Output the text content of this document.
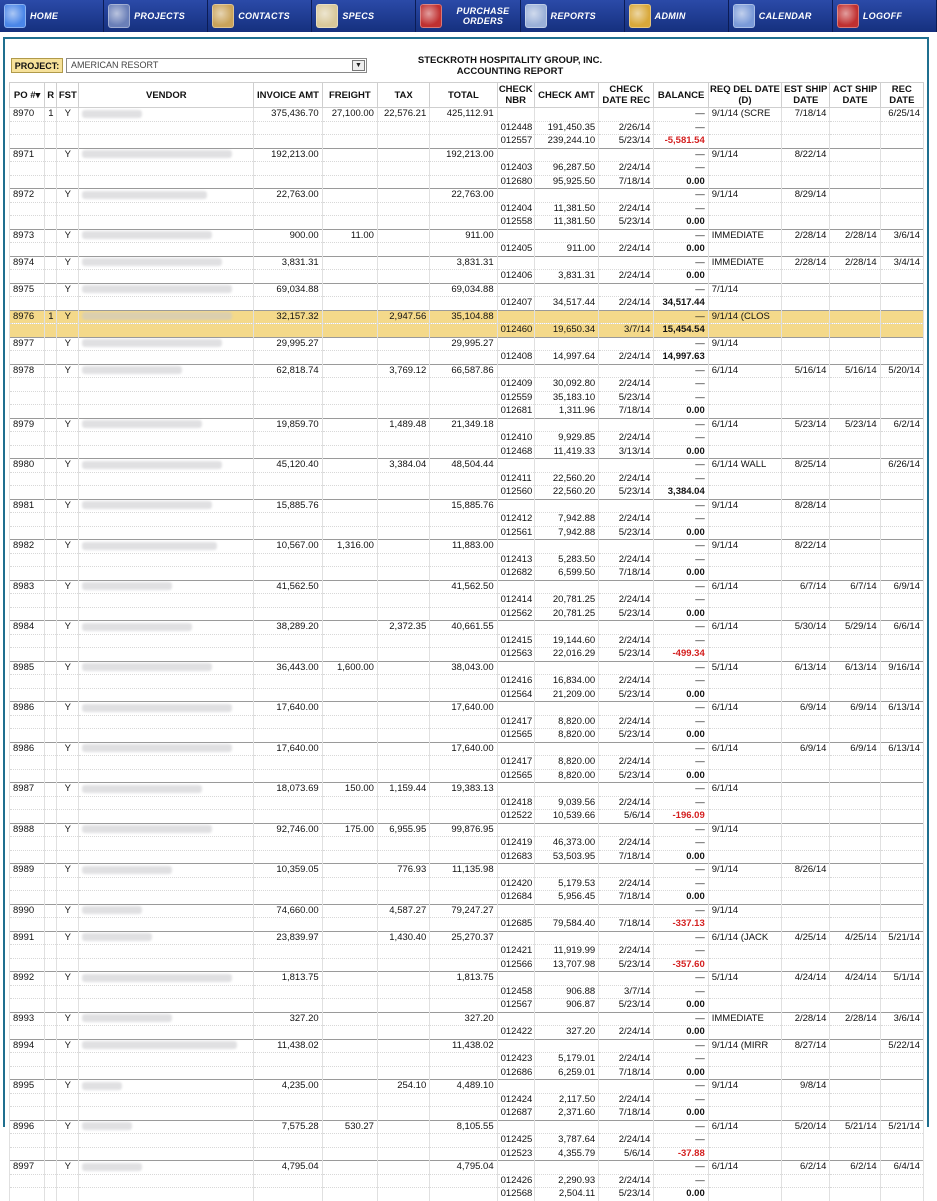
HOME	PROJECTS	CONTACTS	SPECS	PURCHASE ORDERS	REPORTS	ADMIN	CALENDAR	LOGOFF
PROJECT:	AMERICAN RESORT	▼	STECKROTH HOSPITALITY GROUP, INC.
ACCOUNTING REPORT
PO #▾	R	FST	VENDOR	INVOICE AMT	FREIGHT	TAX	TOTAL	CHECK NBR	CHECK AMT	CHECK DATE REC	BALANCE	REQ DEL DATE (D)	EST SHIP DATE	ACT SHIP DATE	REC DATE
8970	1	Y		375,436.70	27,100.00	22,576.21	425,112.91				—	9/1/14 (SCRE	7/18/14		6/25/14
								012448	191,450.35	2/26/14	—				
								012557	239,244.10	5/23/14	-5,581.54				
8971		Y		192,213.00			192,213.00				—	9/1/14	8/22/14		
								012403	96,287.50	2/24/14	—				
								012680	95,925.50	7/18/14	0.00				
8972		Y		22,763.00			22,763.00				—	9/1/14	8/29/14		
								012404	11,381.50	2/24/14	—				
								012558	11,381.50	5/23/14	0.00				
8973		Y		900.00	11.00		911.00				—	IMMEDIATE	2/28/14	2/28/14	3/6/14
								012405	911.00	2/24/14	0.00				
8974		Y		3,831.31			3,831.31				—	IMMEDIATE	2/28/14	2/28/14	3/4/14
								012406	3,831.31	2/24/14	0.00				
8975		Y		69,034.88			69,034.88				—	7/1/14			
								012407	34,517.44	2/24/14	34,517.44				
8976	1	Y		32,157.32		2,947.56	35,104.88				—	9/1/14 (CLOS			
								012460	19,650.34	3/7/14	15,454.54				
8977		Y		29,995.27			29,995.27				—	9/1/14			
								012408	14,997.64	2/24/14	14,997.63				
8978		Y		62,818.74		3,769.12	66,587.86				—	6/1/14	5/16/14	5/16/14	5/20/14
								012409	30,092.80	2/24/14	—				
								012559	35,183.10	5/23/14	—				
								012681	1,311.96	7/18/14	0.00				
8979		Y		19,859.70		1,489.48	21,349.18				—	6/1/14	5/23/14	5/23/14	6/2/14
								012410	9,929.85	2/24/14	—				
								012468	11,419.33	3/13/14	0.00				
8980		Y		45,120.40		3,384.04	48,504.44				—	6/1/14 WALL	8/25/14		6/26/14
								012411	22,560.20	2/24/14	—				
								012560	22,560.20	5/23/14	3,384.04				
8981		Y		15,885.76			15,885.76				—	9/1/14	8/28/14		
								012412	7,942.88	2/24/14	—				
								012561	7,942.88	5/23/14	0.00				
8982		Y		10,567.00	1,316.00		11,883.00				—	9/1/14	8/22/14		
								012413	5,283.50	2/24/14	—				
								012682	6,599.50	7/18/14	0.00				
8983		Y		41,562.50			41,562.50				—	6/1/14	6/7/14	6/7/14	6/9/14
								012414	20,781.25	2/24/14	—				
								012562	20,781.25	5/23/14	0.00				
8984		Y		38,289.20		2,372.35	40,661.55				—	6/1/14	5/30/14	5/29/14	6/6/14
								012415	19,144.60	2/24/14	—				
								012563	22,016.29	5/23/14	-499.34				
8985		Y		36,443.00	1,600.00		38,043.00				—	5/1/14	6/13/14	6/13/14	9/16/14
								012416	16,834.00	2/24/14	—				
								012564	21,209.00	5/23/14	0.00				
8986		Y		17,640.00			17,640.00				—	6/1/14	6/9/14	6/9/14	6/13/14
								012417	8,820.00	2/24/14	—				
								012565	8,820.00	5/23/14	0.00				
8986		Y		17,640.00			17,640.00				—	6/1/14	6/9/14	6/9/14	6/13/14
								012417	8,820.00	2/24/14	—				
								012565	8,820.00	5/23/14	0.00				
8987		Y		18,073.69	150.00	1,159.44	19,383.13				—	6/1/14			
								012418	9,039.56	2/24/14	—				
								012522	10,539.66	5/6/14	-196.09				
8988		Y		92,746.00	175.00	6,955.95	99,876.95				—	9/1/14			
								012419	46,373.00	2/24/14	—				
								012683	53,503.95	7/18/14	0.00				
8989		Y		10,359.05		776.93	11,135.98				—	9/1/14	8/26/14		
								012420	5,179.53	2/24/14	—				
								012684	5,956.45	7/18/14	0.00				
8990		Y		74,660.00		4,587.27	79,247.27				—	9/1/14			
								012685	79,584.40	7/18/14	-337.13				
8991		Y		23,839.97		1,430.40	25,270.37				—	6/1/14 (JACK	4/25/14	4/25/14	5/21/14
								012421	11,919.99	2/24/14	—				
								012566	13,707.98	5/23/14	-357.60				
8992		Y		1,813.75			1,813.75				—	5/1/14	4/24/14	4/24/14	5/1/14
								012458	906.88	3/7/14	—				
								012567	906.87	5/23/14	0.00				
8993		Y		327.20			327.20				—	IMMEDIATE	2/28/14	2/28/14	3/6/14
								012422	327.20	2/24/14	0.00				
8994		Y		11,438.02			11,438.02				—	9/1/14 (MIRR	8/27/14		5/22/14
								012423	5,179.01	2/24/14	—				
								012686	6,259.01	7/18/14	0.00				
8995		Y		4,235.00		254.10	4,489.10				—	9/1/14	9/8/14		
								012424	2,117.50	2/24/14	—				
								012687	2,371.60	7/18/14	0.00				
8996		Y		7,575.28	530.27		8,105.55				—	6/1/14	5/20/14	5/21/14	5/21/14
								012425	3,787.64	2/24/14	—				
								012523	4,355.79	5/6/14	-37.88				
8997		Y		4,795.04			4,795.04				—	6/1/14	6/2/14	6/2/14	6/4/14
								012426	2,290.93	2/24/14	—				
								012568	2,504.11	5/23/14	0.00				
